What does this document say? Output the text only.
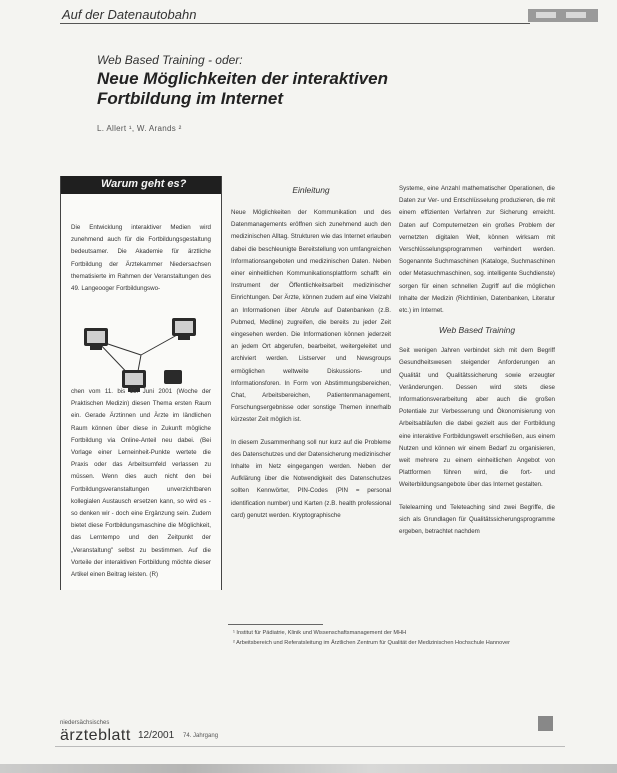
Auf der Datenautobahn
Web Based Training - oder:
Neue Möglichkeiten der interaktiven Fortbildung im Internet
L. Allert ¹, W. Arands ²
Warum geht es?

Die Entwicklung interaktiver Medien wird zunehmend auch für die Fortbildungsgestaltung bedeutsamer. Die Akademie für ärztliche Fortbildung der Ärztekammer Niedersachsen thematisierte im Rahmen der Veranstaltungen des 49. Langeooger Fortbildungswo-

chen vom 11. bis 15. Juni 2001 (Woche der Praktischen Medizin) diesen Thema ersten Raum ein. Gerade Ärztinnen und Ärzte im ländlichen Raum können über diese in Zukunft mögliche Fortbildung via Online-Anteil neu dabei. (Bei Vorlage einer Lerneinheit-Punkte wertete die Praxis oder das Arbeitsumfeld verlassen zu müssen. Wenn dies auch nicht den bei Fortbildungsveranstaltungen unverzichtbaren kollegialen Austausch ersetzen kann, so wird es - so denken wir - doch eine Ergänzung sein. Zudem bietet diese Fortbildungsmaschine die Möglichkeit, das Lerntempo und den Zeitpunkt der „Veranstaltung" selbst zu bestimmen. Auf die Vorteile der interaktiven Fortbildung möchte dieser Artikel einen Beitrag leisten. (R)

Einleitung

Neue Möglichkeiten der Kommunikation und des Datenmanagements eröffnen sich zunehmend auch den medizinischen Alltag. Strukturen wie das Internet erlauben dabei die beschleunigte Bereitstellung von umfangreichen Informationsangeboten und medizinischen Daten. Neben einer einheitlichen Kommunikationsplattform schafft ein Instrument der Öffentlichkeitsarbeit medizinischer Einrichtungen. Der Ärzte, können zudem auf eine Vielzahl an Informationen über Abrufe auf Datenbanken (z.B. Pubmed, Medline) zugreifen, die bereits zu jeder Zeit eingesehen werden. Die Informationen können jederzeit an jedem Ort abgerufen, bearbeitet, weitergeleitet und archiviert werden. Listserver und Newsgroups ermöglichen weltweite Diskussions- und Informationsforen. In Form von Abstimmungsbereichen, Chat, Arbeitsbereichen, Patientenmanagement, Forschungsergebnisse oder sonstige Themen innerhalb kürzester Zeit möglich ist.

In diesem Zusammenhang soll nur kurz auf die Probleme des Datenschutzes und der Datensicherung medizinischer Inhalte im Netz eingegangen werden. Neben der Aufklärung über die Notwendigkeit des Datenschutzes sollten Kennwörter, PIN-Codes (PIN = personal identification number) und Karten (z.B. health professional card) genutzt werden. Kryptographische

Systeme, eine Anzahl mathematischer Operationen, die Daten zur Ver- und Entschlüsselung produzieren, die mit einem effizienten Verfahren zur Sicherung erreicht. Daten auf Computernetzen ein großes Problem der vernetzten digitalen Welt, können wirksam mit Verschlüsselungsprogrammen verhindert werden. Sogenannte Suchmaschinen (Kataloge, Suchmaschinen oder Metasuchmaschinen, sog. intelligente Suchdienste) sorgen für einen schnellen Zugriff auf die möglichen Inhalte der Medizin (Richtlinien, Datenbanken, Literatur etc.) im Internet.

Web Based Training

Seit wenigen Jahren verbindet sich mit dem Begriff Gesundheitswesen steigender Anforderungen an Qualität und Qualitätssicherung sowie erzeugter Veränderungen. Dessen wird stets diese Informationsverarbeitung aber auch die großen Potentiale zur Verbesserung und Ökonomisierung von Arbeitsabläufen die dabei gezielt aus der Fortbildung eine interaktive Fortbildungswelt erschließen, aus einem Nutzen und können wir einem Bedarf zu organisieren, weit mehrere zu einem einheitlichen Angebot von Plattformen führen wird, die fort- und Weiterbildungsangebote über das Internet gestalten.

Telelearning und Teleteaching sind zwei Begriffe, die sich als Grundlagen für Qualitätssicherungsprogramme ergeben, betrachtet nachdem

¹ Institut für Pädiatrie, Klinik und Wissenschaftsmanagement der MHH
² Arbeitsbereich und Referatsleitung im Ärztlichen Zentrum für Qualität der Medizinischen Hochschule Hannover
niedersächsisches
ärzteblatt 12/2001 74. Jahrgang
